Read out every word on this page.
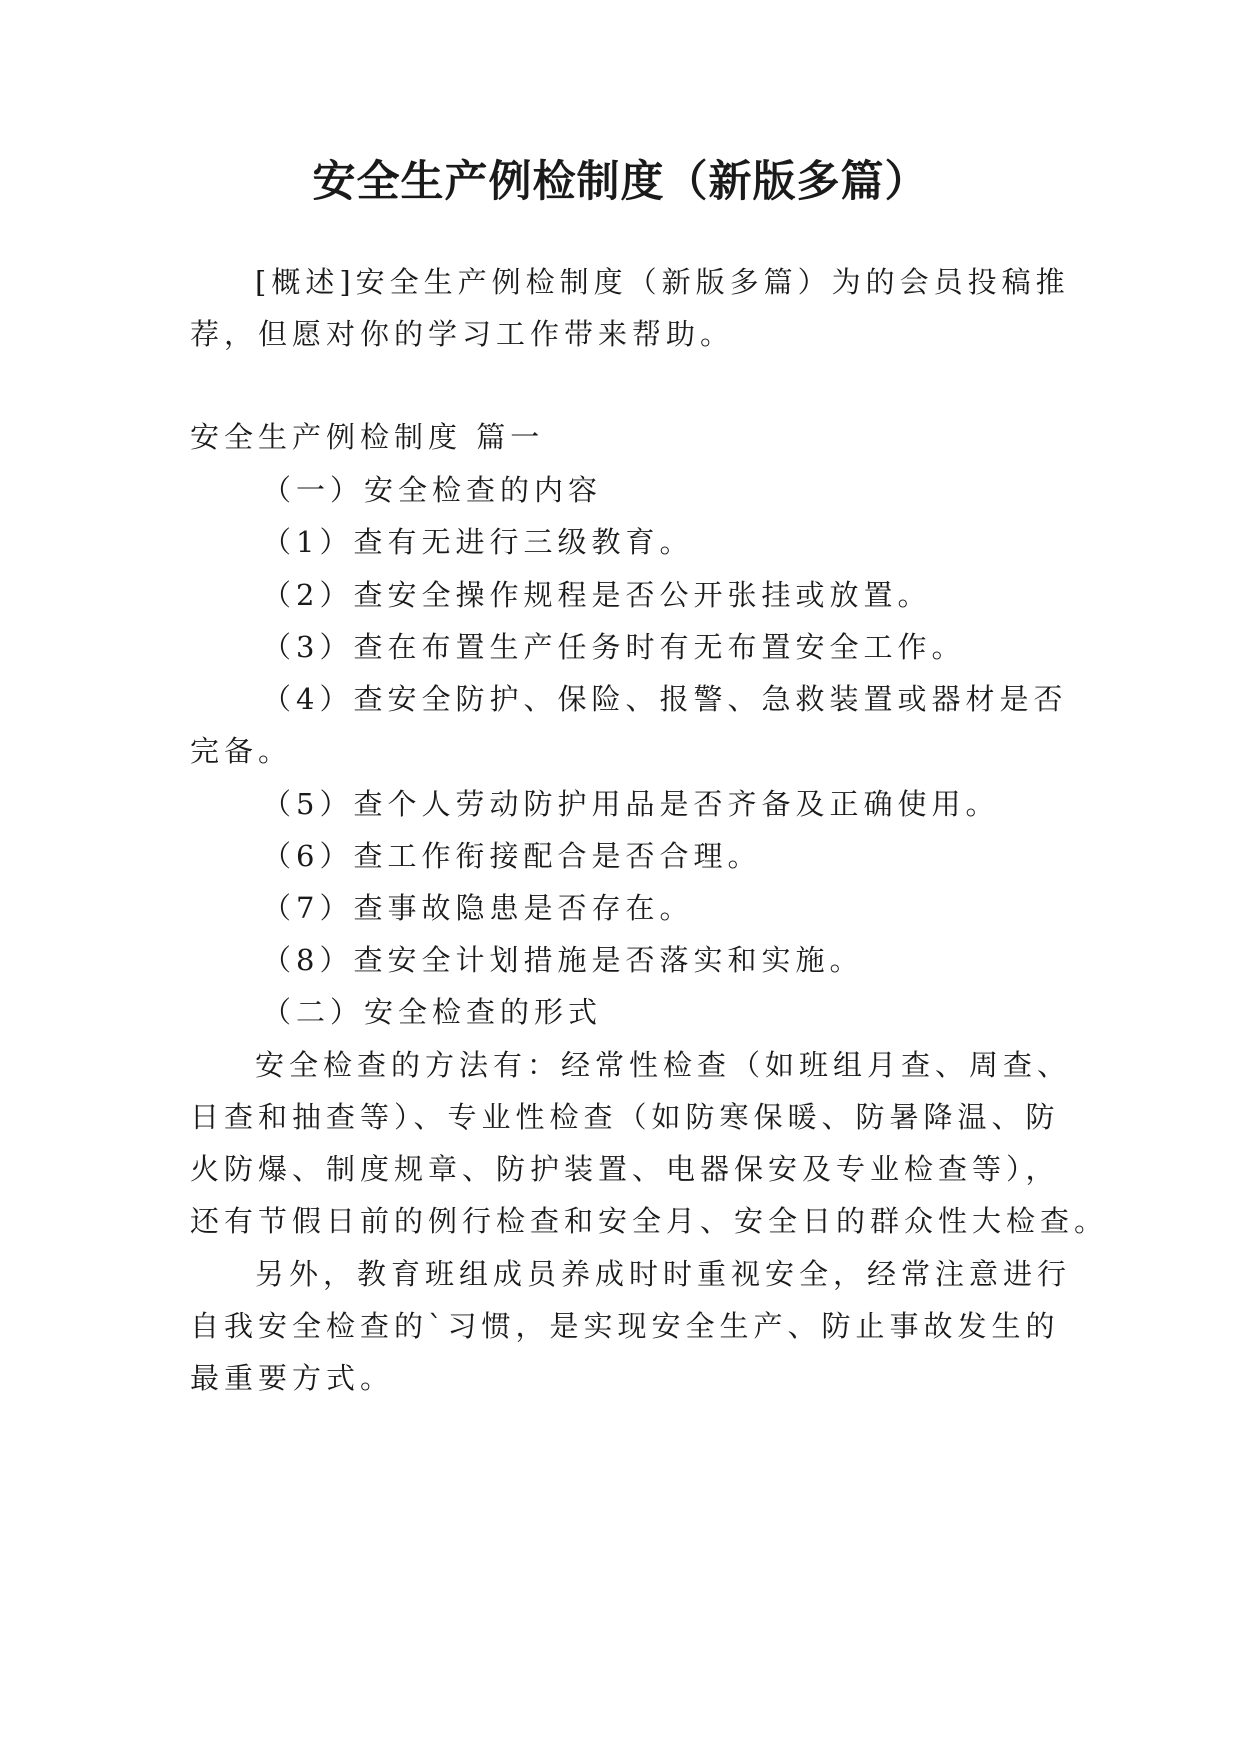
安全生产例检制度（新版多篇）
[概述]安全生产例检制度（新版多篇）为的会员投稿推
荐，但愿对你的学习工作带来帮助。
安全生产例检制度 篇一
（一）安全检查的内容
（1）查有无进行三级教育。
（2）查安全操作规程是否公开张挂或放置。
（3）查在布置生产任务时有无布置安全工作。
（4）查安全防护、保险、报警、急救装置或器材是否
完备。
（5）查个人劳动防护用品是否齐备及正确使用。
（6）查工作衔接配合是否合理。
（7）查事故隐患是否存在。
（8）查安全计划措施是否落实和实施。
（二）安全检查的形式
安全检查的方法有：经常性检查（如班组月查、周查、
日查和抽查等）、专业性检查（如防寒保暖、防暑降温、防
火防爆、制度规章、防护装置、电器保安及专业检查等），
还有节假日前的例行检查和安全月、安全日的群众性大检查。
另外，教育班组成员养成时时重视安全，经常注意进行
自我安全检查的`习惯，是实现安全生产、防止事故发生的
最重要方式。
